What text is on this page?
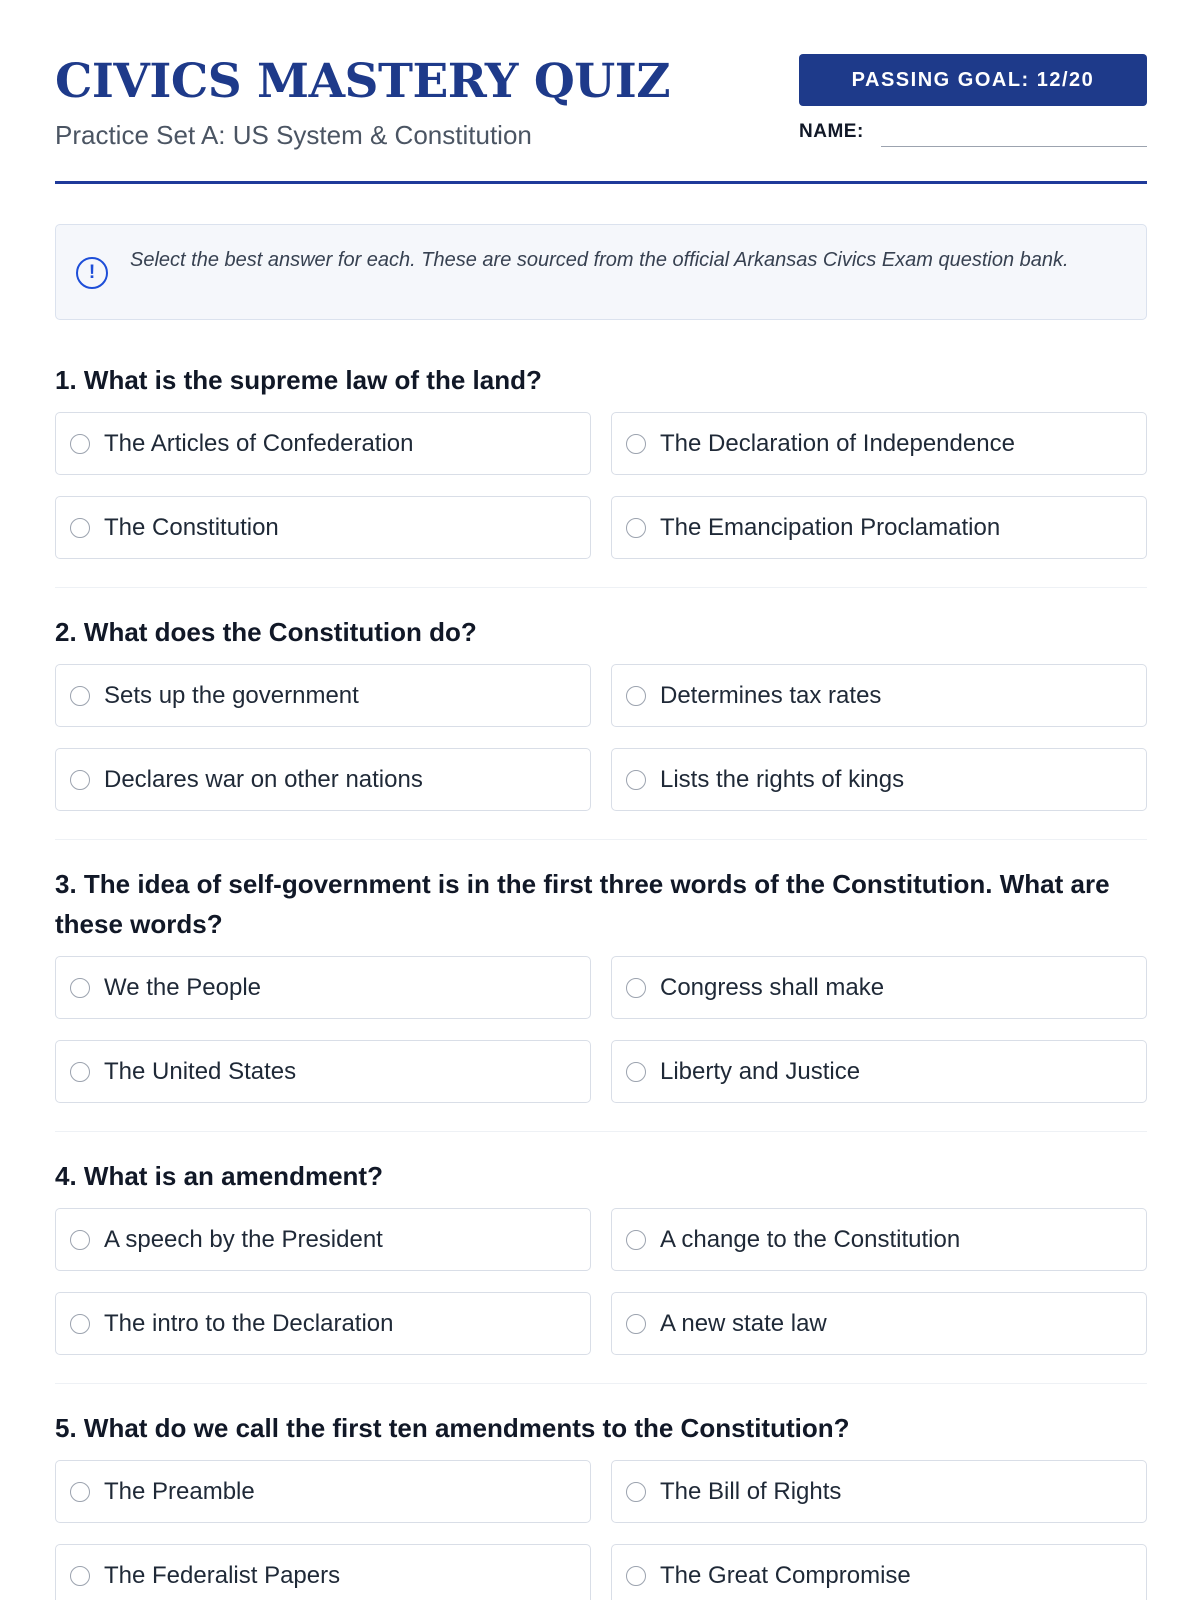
CIVICS MASTERY QUIZ
Practice Set A: US System & Constitution
PASSING GOAL: 12/20
NAME:
!
Select the best answer for each. These are sourced from the official Arkansas Civics Exam question bank.
1. What is the supreme law of the land?
The Articles of Confederation	The Declaration of Independence
The Constitution	The Emancipation Proclamation
2. What does the Constitution do?
Sets up the government	Determines tax rates
Declares war on other nations	Lists the rights of kings
3. The idea of self-government is in the first three words of the Constitution. What are these words?
We the People	Congress shall make
The United States	Liberty and Justice
4. What is an amendment?
A speech by the President	A change to the Constitution
The intro to the Declaration	A new state law
5. What do we call the first ten amendments to the Constitution?
The Preamble	The Bill of Rights
The Federalist Papers	The Great Compromise
